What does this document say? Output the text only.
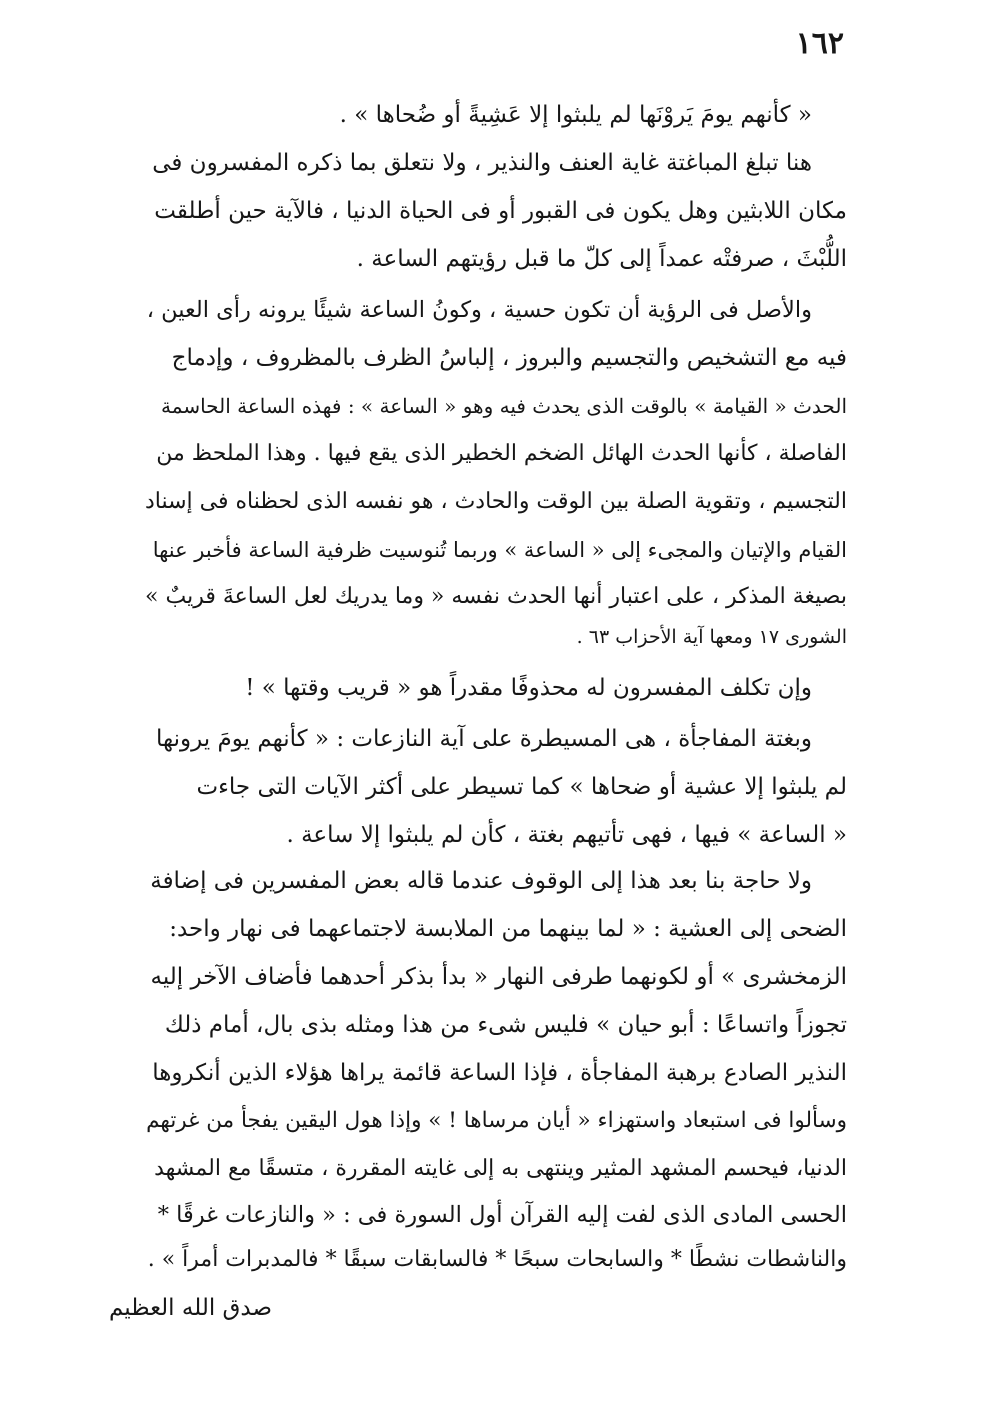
١٦٢
« كأنهم يومَ يَروْنَها لم يلبثوا إلا عَشِيةً أو ضُحاها » .
هنا تبلغ المباغتة غاية العنف والنذير ، ولا نتعلق بما ذكره المفسرون فى
مكان اللابثين وهل يكون فى القبور أو فى الحياة الدنيا ، فالآية حين أطلقت
اللُّبْثَ ، صرفتْه عمداً إلى كلّ ما قبل رؤيتهم الساعة .
والأصل فى الرؤية أن تكون حسية ، وكونُ الساعة شيئًا يرونه رأى العين ،
فيه مع التشخيص والتجسيم والبروز ، إلباسُ الظرف بالمظروف ، وإدماج
الحدث « القيامة » بالوقت الذى يحدث فيه وهو « الساعة » : فهذه الساعة الحاسمة
الفاصلة ، كأنها الحدث الهائل الضخم الخطير الذى يقع فيها . وهذا الملحظ من
التجسيم ، وتقوية الصلة بين الوقت والحادث ، هو نفسه الذى لحظناه فى إسناد
القيام والإتيان والمجىء إلى « الساعة » وربما تُنوسيت ظرفية الساعة فأخبر عنها
بصيغة المذكر ، على اعتبار أنها الحدث نفسه « وما يدريك لعل الساعةَ قريبٌ »
الشورى ١٧ ومعها آية الأحزاب ٦٣ .
وإن تكلف المفسرون له محذوفًا مقدراً هو « قريب وقتها » !
وبغتة المفاجأة ، هى المسيطرة على آية النازعات : « كأنهم يومَ يرونها
لم يلبثوا إلا عشية أو ضحاها » كما تسيطر على أكثر الآيات التى جاءت
« الساعة » فيها ، فهى تأتيهم بغتة ، كأن لم يلبثوا إلا ساعة .
ولا حاجة بنا بعد هذا إلى الوقوف عندما قاله بعض المفسرين فى إضافة
الضحى إلى العشية : « لما بينهما من الملابسة لاجتماعهما فى نهار واحد:
الزمخشرى » أو لكونهما طرفى النهار « بدأ بذكر أحدهما فأضاف الآخر إليه
تجوزاً واتساعًا : أبو حيان » فليس شىء من هذا ومثله بذى بال، أمام ذلك
النذير الصادع برهبة المفاجأة ، فإذا الساعة قائمة يراها هؤلاء الذين أنكروها
وسألوا فى استبعاد واستهزاء « أيان مرساها ! » وإذا هول اليقين يفجأ من غرتهم
الدنيا، فيحسم المشهد المثير وينتهى به إلى غايته المقررة ، متسقًا مع المشهد
الحسى المادى الذى لفت إليه القرآن أول السورة فى : « والنازعات غرقًا *
والناشطات نشطًا * والسابحات سبحًا * فالسابقات سبقًا * فالمدبرات أمراً » .
صدق الله العظيم
